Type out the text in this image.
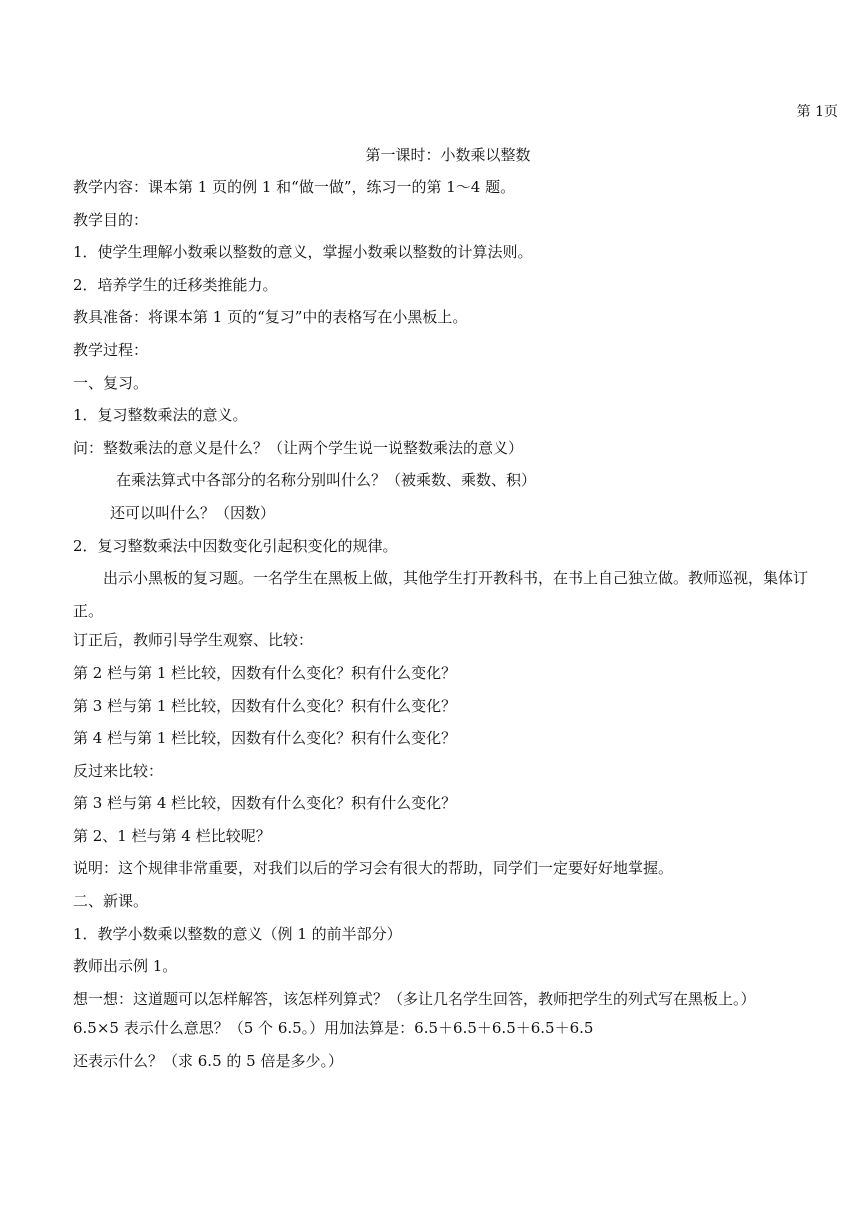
第 1页
第一课时：小数乘以整数
教学内容：课本第 1 页的例 1 和“做一做”，练习一的第 1～4 题。
教学目的：
1．使学生理解小数乘以整数的意义，掌握小数乘以整数的计算法则。
2．培养学生的迁移类推能力。
教具准备：将课本第 1 页的“复习”中的表格写在小黑板上。
教学过程：
一、复习。
1．复习整数乘法的意义。
问：整数乘法的意义是什么？（让两个学生说一说整数乘法的意义）
在乘法算式中各部分的名称分别叫什么？（被乘数、乘数、积）
还可以叫什么？（因数）
2．复习整数乘法中因数变化引起积变化的规律。
出示小黑板的复习题。一名学生在黑板上做，其他学生打开教科书，在书上自己独立做。教师巡视，集体订正。
订正后，教师引导学生观察、比较：
第 2 栏与第 1 栏比较，因数有什么变化？积有什么变化？
第 3 栏与第 1 栏比较，因数有什么变化？积有什么变化？
第 4 栏与第 1 栏比较，因数有什么变化？积有什么变化？
反过来比较：
第 3 栏与第 4 栏比较，因数有什么变化？积有什么变化？
第 2、1 栏与第 4 栏比较呢？
说明：这个规律非常重要，对我们以后的学习会有很大的帮助，同学们一定要好好地掌握。
二、新课。
1．教学小数乘以整数的意义（例 1 的前半部分）
教师出示例 1。
想一想：这道题可以怎样解答，该怎样列算式？（多让几名学生回答，教师把学生的列式写在黑板上。）
6.5×5 表示什么意思？（5 个 6.5。）用加法算是：6.5＋6.5＋6.5＋6.5＋6.5
还表示什么？（求 6.5 的 5 倍是多少。）
